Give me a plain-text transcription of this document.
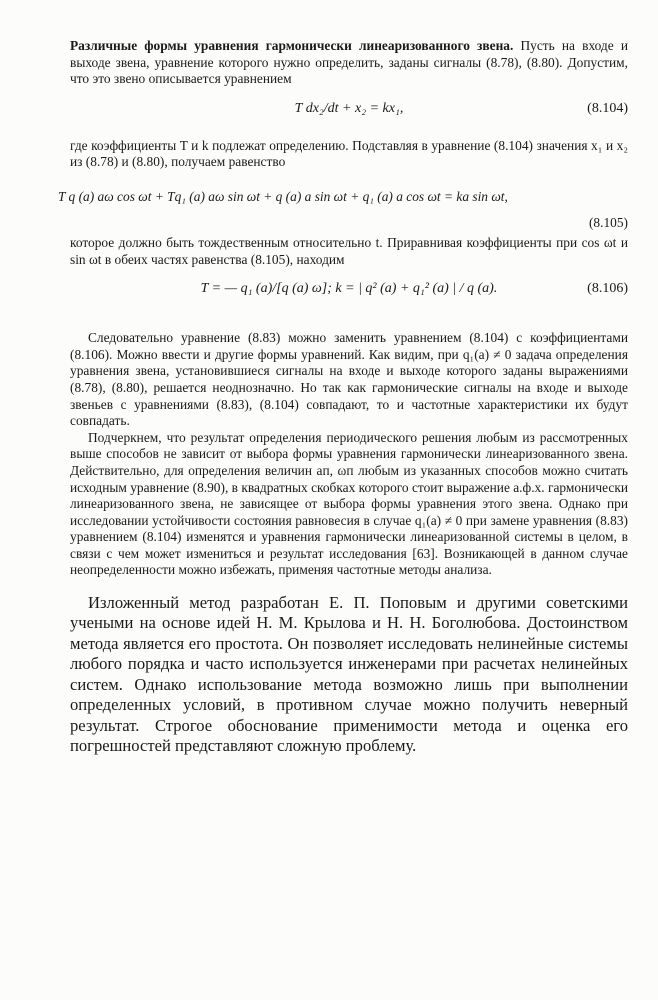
Различные формы уравнения гармонически линеаризованного звена. Пусть на входе и выходе звена, уравнение которого нужно определить, заданы сигналы (8.78), (8.80). Допустим, что это звено описывается уравнением

T dx₂/dt + x₂ = kx₁,	(8.104)

где коэффициенты T и k подлежат определению. Подставляя в уравнение (8.104) значения x₁ и x₂ из (8.78) и (8.80), получаем равенство

T q (a) aω cos ωt + Tq₁ (a) aω sin ωt + q (a) a sin ωt + q₁ (a) a cos ωt = ka sin ωt,
(8.105)

которое должно быть тождественным относительно t. Приравнивая коэффициенты при cos ωt и sin ωt в обеих частях равенства (8.105), находим

T = — q₁ (a)/[q (a) ω]; k = | q² (a) + q₁² (a) | / q (a).	(8.106)

Следовательно уравнение (8.83) можно заменить уравнением (8.104) с коэффициентами (8.106). Можно ввести и другие формы уравнений. Как видим, при q₁(a) ≠ 0 задача определения уравнения звена, установившиеся сигналы на входе и выходе которого заданы выражениями (8.78), (8.80), решается неоднозначно. Но так как гармонические сигналы на входе и выходе звеньев с уравнениями (8.83), (8.104) совпадают, то и частотные характеристики их будут совпадать.

Подчеркнем, что результат определения периодического решения любым из рассмотренных выше способов не зависит от выбора формы уравнения гармонически линеаризованного звена. Действительно, для определения величин aп, ωп любым из указанных способов можно считать исходным уравнение (8.90), в квадратных скобках которого стоит выражение а.ф.х. гармонически линеаризованного звена, не зависящее от выбора формы уравнения этого звена. Однако при исследовании устойчивости состояния равновесия в случае q₁(a) ≠ 0 при замене уравнения (8.83) уравнением (8.104) изменятся и уравнения гармонически линеаризованной системы в целом, в связи с чем может измениться и результат исследования [63]. Возникающей в данном случае неопределенности можно избежать, применяя частотные методы анализа.

Изложенный метод разработан Е. П. Поповым и другими советскими учеными на основе идей Н. М. Крылова и Н. Н. Боголюбова. Достоинством метода является его простота. Он позволяет исследовать нелинейные системы любого порядка и часто используется инженерами при расчетах нелинейных систем. Однако использование метода возможно лишь при выполнении определенных условий, в противном случае можно получить неверный результат. Строгое обоснование применимости метода и оценка его погрешностей представляют сложную проблему.
